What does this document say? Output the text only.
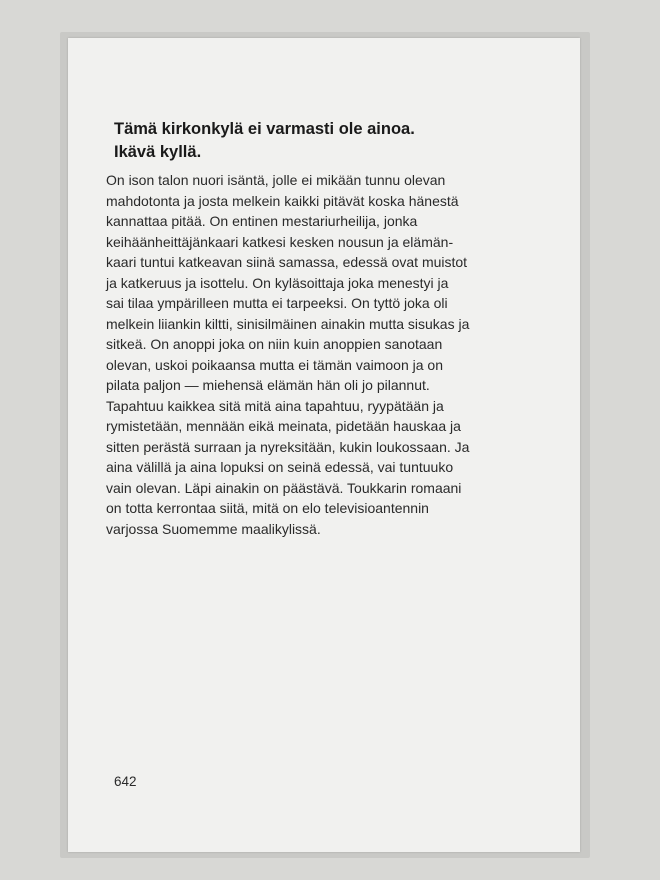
Tämä kirkonkylä ei varmasti ole ainoa.
Ikävä kyllä.
On ison talon nuori isäntä, jolle ei mikään tunnu olevan
mahdotonta ja josta melkein kaikki pitävät koska hänestä
kannattaa pitää. On entinen mestariurheilija, jonka
keihäänheittäjänkaari katkesi kesken nousun ja elämän-
kaari tuntui katkeavan siinä samassa, edessä ovat muistot
ja katkeruus ja isottelu. On kyläsoittaja joka menestyi ja
sai tilaa ympärilleen mutta ei tarpeeksi. On tyttö joka oli
melkein liiankin kiltti, sinisilmäinen ainakin mutta sisukas ja
sitkeä. On anoppi joka on niin kuin anoppien sanotaan
olevan, uskoi poikaansa mutta ei tämän vaimoon ja on
pilata paljon — miehensä elämän hän oli jo pilannut.
Tapahtuu kaikkea sitä mitä aina tapahtuu, ryypätään ja
rymistetään, mennään eikä meinata, pidetään hauskaa ja
sitten perästä surraan ja nyreksitään, kukin loukossaan. Ja
aina välillä ja aina lopuksi on seinä edessä, vai tuntuuko
vain olevan. Läpi ainakin on päästävä. Toukkarin romaani
on totta kerrontaa siitä, mitä on elo televisioantennin
varjossa Suomemme maalikylissä.

642
